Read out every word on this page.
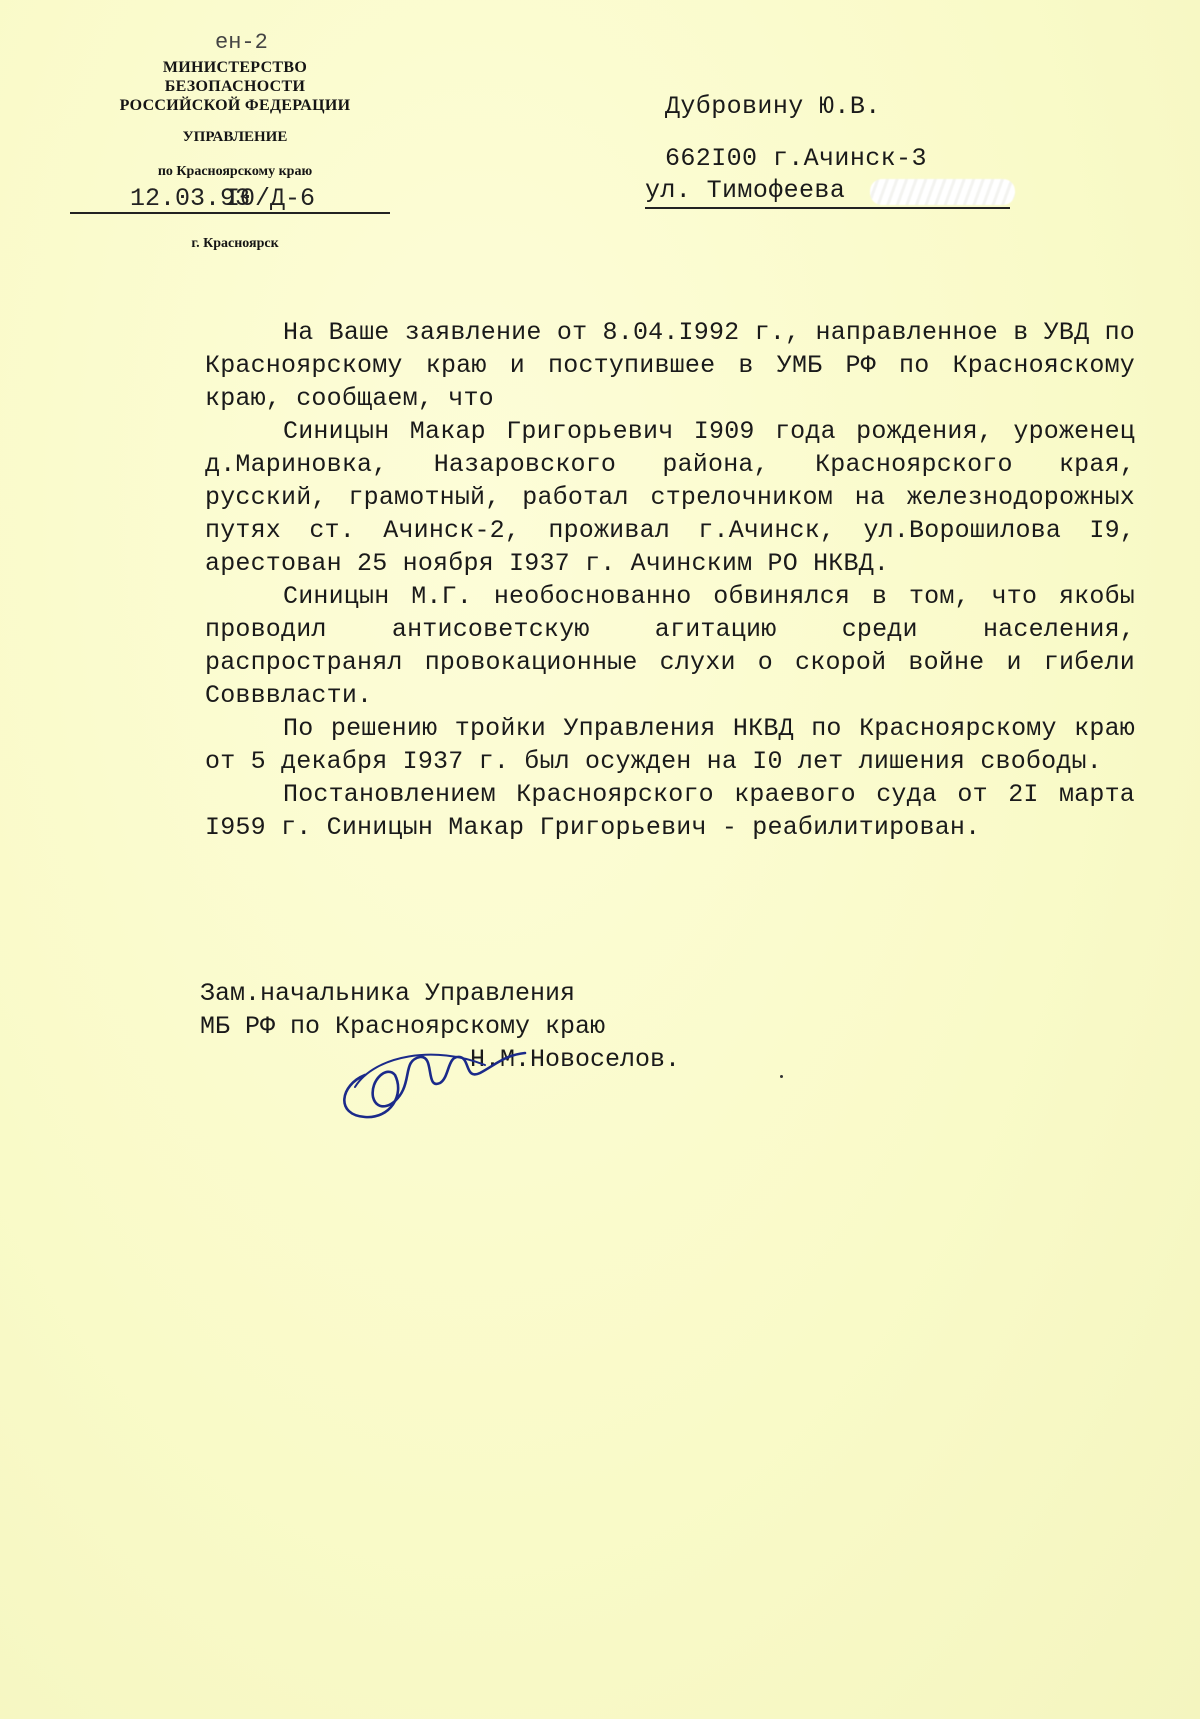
ен-2
МИНИСТЕРСТВО
БЕЗОПАСНОСТИ
РОССИЙСКОЙ ФЕДЕРАЦИИ
УПРАВЛЕНИЕ
по Красноярскому краю
12.03.93
I0/Д-6
г. Красноярск
Дубровину Ю.В.
662I00 г.Ачинск-3
ул. Тимофеева

На Ваше заявление от 8.04.I992 г., направленное в УВД по Красноярскому краю и поступившее в УМБ РФ по Краснояскому краю, сообщаем, что

Синицын Макар Григорьевич I909 года рождения, уроженец д.Мариновка, Назаровского района, Красноярского края, русский, грамотный, работал стрелочником на железнодорожных путях ст. Ачинск-2, проживал г.Ачинск, ул.Ворошилова I9, арестован 25 ноября I937 г. Ачинским РО НКВД.

Синицын М.Г. необоснованно обвинялся в том, что якобы проводил антисоветскую агитацию среди населения, распространял провокационные слухи о скорой войне и гибели Совввласти.

По решению тройки Управления НКВД по Красноярскому краю от 5 декабря I937 г. был осужден на I0 лет лишения свободы.

Постановлением Красноярского краевого суда от 2I марта I959 г. Синицын Макар Григорьевич - реабилитирован.

Зам.начальника Управления
МБ РФ по Красноярскому краю
Н.М.Новоселов.
